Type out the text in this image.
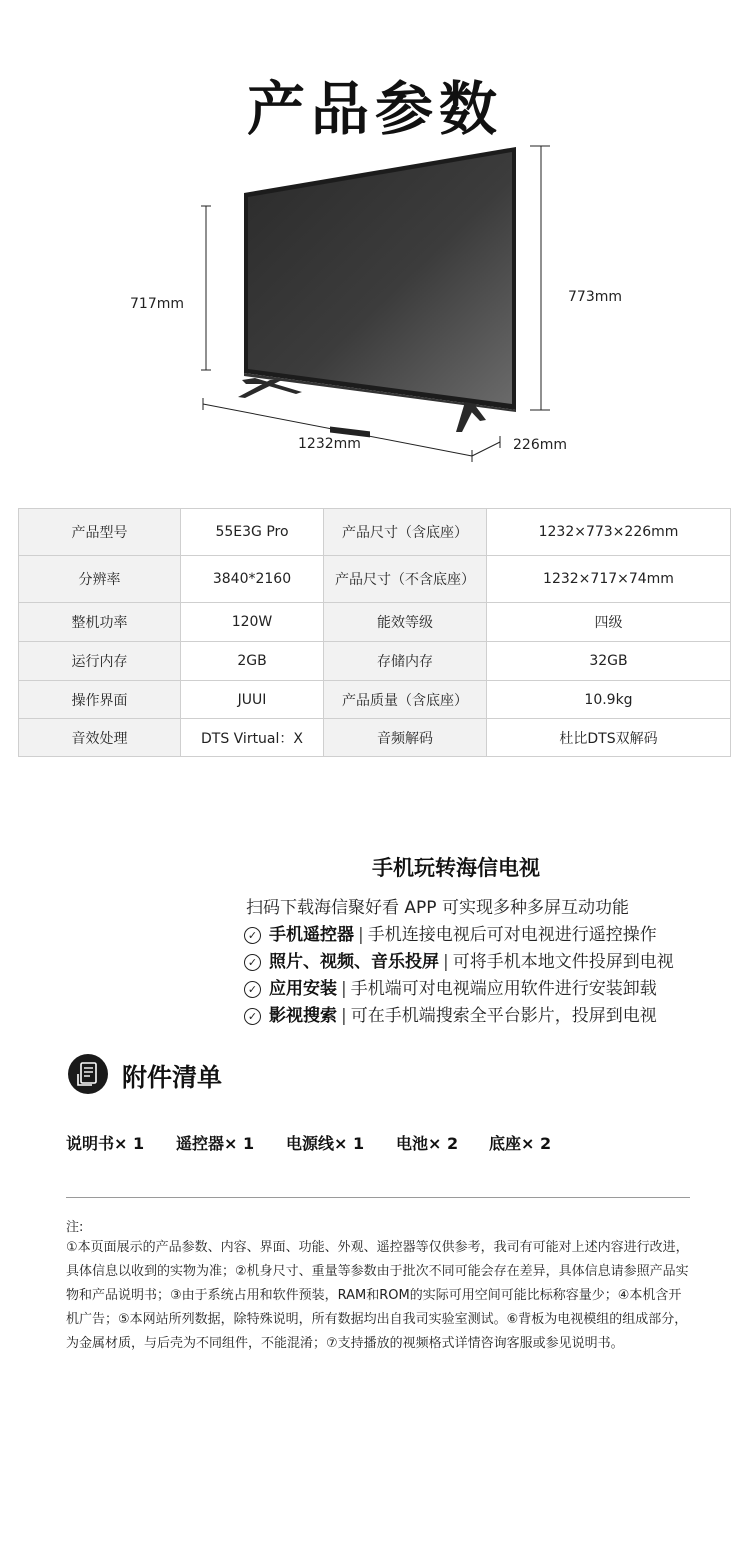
产品参数
717mm	773mm
1232mm	226mm
产品型号	55E3G Pro	产品尺寸（含底座）	1232×773×226mm
分辨率	3840*2160	产品尺寸（不含底座）	1232×717×74mm
整机功率	120W	能效等级	四级
运行内存	2GB	存储内存	32GB
操作界面	JUUI	产品质量（含底座）	10.9kg
音效处理	DTS Virtual：X	音频解码	杜比DTS双解码
手机玩转海信电视
扫码下载海信聚好看 APP 可实现多种多屏互动功能
✓ 手机遥控器 | 手机连接电视后可对电视进行遥控操作
✓ 照片、视频、音乐投屏 | 可将手机本地文件投屏到电视
✓ 应用安装 | 手机端可对电视端应用软件进行安装卸载
✓ 影视搜索 | 可在手机端搜索全平台影片，投屏到电视
附件清单
说明书× 1 遥控器× 1 电源线× 1 电池× 2 底座× 2
注:
①本页面展示的产品参数、内容、界面、功能、外观、遥控器等仅供参考，我司有可能对上述内容进行改进，具体信息以收到的实物为准；②机身尺寸、重量等参数由于批次不同可能会存在差异，具体信息请参照产品实物和产品说明书；③由于系统占用和软件预装，RAM和ROM的实际可用空间可能比标称容量少；④本机含开机广告；⑤本网站所列数据，除特殊说明，所有数据均出自我司实验室测试。⑥背板为电视模组的组成部分，为金属材质，与后壳为不同组件，不能混淆；⑦支持播放的视频格式详情咨询客服或参见说明书。
